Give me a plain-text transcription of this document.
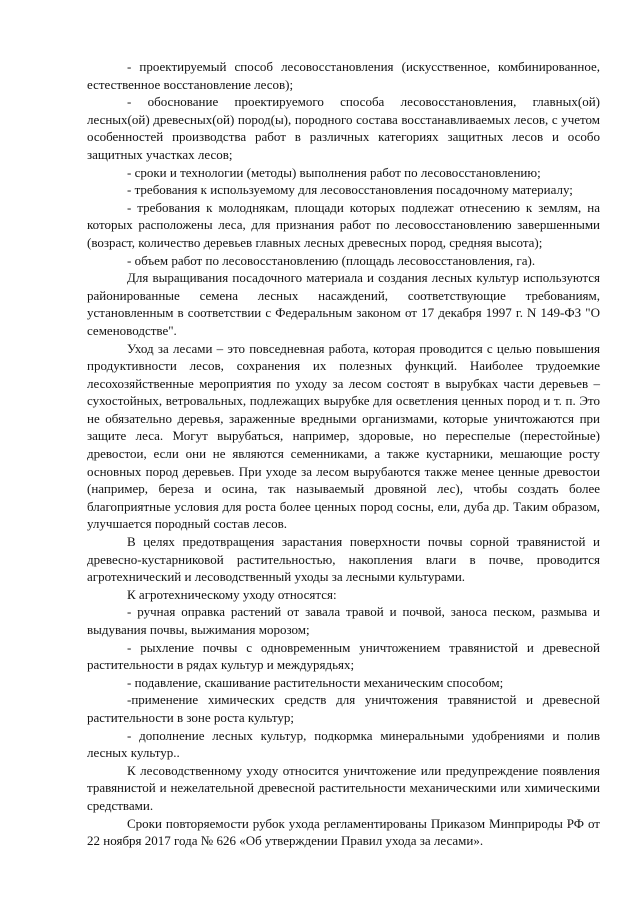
- проектируемый способ лесовосстановления (искусственное, комбинированное, естественное восстановление лесов);

- обоснование проектируемого способа лесовосстановления, главных(ой) лесных(ой) древесных(ой) пород(ы), породного состава восстанавливаемых лесов, с учетом особенностей производства работ в различных категориях защитных лесов и особо защитных участках лесов;

- сроки и технологии (методы) выполнения работ по лесовосстановлению;

- требования к используемому для лесовосстановления посадочному материалу;

- требования к молоднякам, площади которых подлежат отнесению к землям, на которых расположены леса, для признания работ по лесовосстановлению завершенными (возраст, количество деревьев главных лесных древесных пород, средняя высота);

- объем работ по лесовосстановлению (площадь лесовосстановления, га).

Для выращивания посадочного материала и создания лесных культур используются районированные семена лесных насаждений, соответствующие требованиям, установленным в соответствии с Федеральным законом от 17 декабря 1997 г. N 149-ФЗ "О семеноводстве".

Уход за лесами – это повседневная работа, которая проводится с целью повышения продуктивности лесов, сохранения их полезных функций. Наиболее трудоемкие лесохозяйственные мероприятия по уходу за лесом состоят в вырубках части деревьев – сухостойных, ветровальных, подлежащих вырубке для осветления ценных пород и т. п. Это не обязательно деревья, зараженные вредными организмами, которые уничтожаются при защите леса. Могут вырубаться, например, здоровые, но переспелые (перестойные) древостои, если они не являются семенниками, а также кустарники, мешающие росту основных пород деревьев. При уходе за лесом вырубаются также менее ценные древостои (например, береза и осина, так называемый дровяной лес), чтобы создать более благоприятные условия для роста более ценных пород сосны, ели, дуба др. Таким образом, улучшается породный состав лесов.

В целях предотвращения зарастания поверхности почвы сорной травянистой и древесно-кустарниковой растительностью, накопления влаги в почве, проводится агротехнический и лесоводственный уходы за лесными культурами.

К агротехническому уходу относятся:

- ручная оправка растений от завала травой и почвой, заноса песком, размыва и выдувания почвы, выжимания морозом;

- рыхление почвы с одновременным уничтожением травянистой и древесной растительности в рядах культур и междурядьях;

- подавление, скашивание растительности механическим способом;

-применение химических средств для уничтожения травянистой и древесной растительности в зоне роста культур;

- дополнение лесных культур, подкормка минеральными удобрениями и полив лесных культур..

К лесоводственному уходу относится уничтожение или предупреждение появления травянистой и нежелательной древесной растительности механическими или химическими средствами.

Сроки повторяемости рубок ухода регламентированы Приказом Минприроды РФ от 22 ноября 2017 года № 626 «Об утверждении Правил ухода за лесами».
